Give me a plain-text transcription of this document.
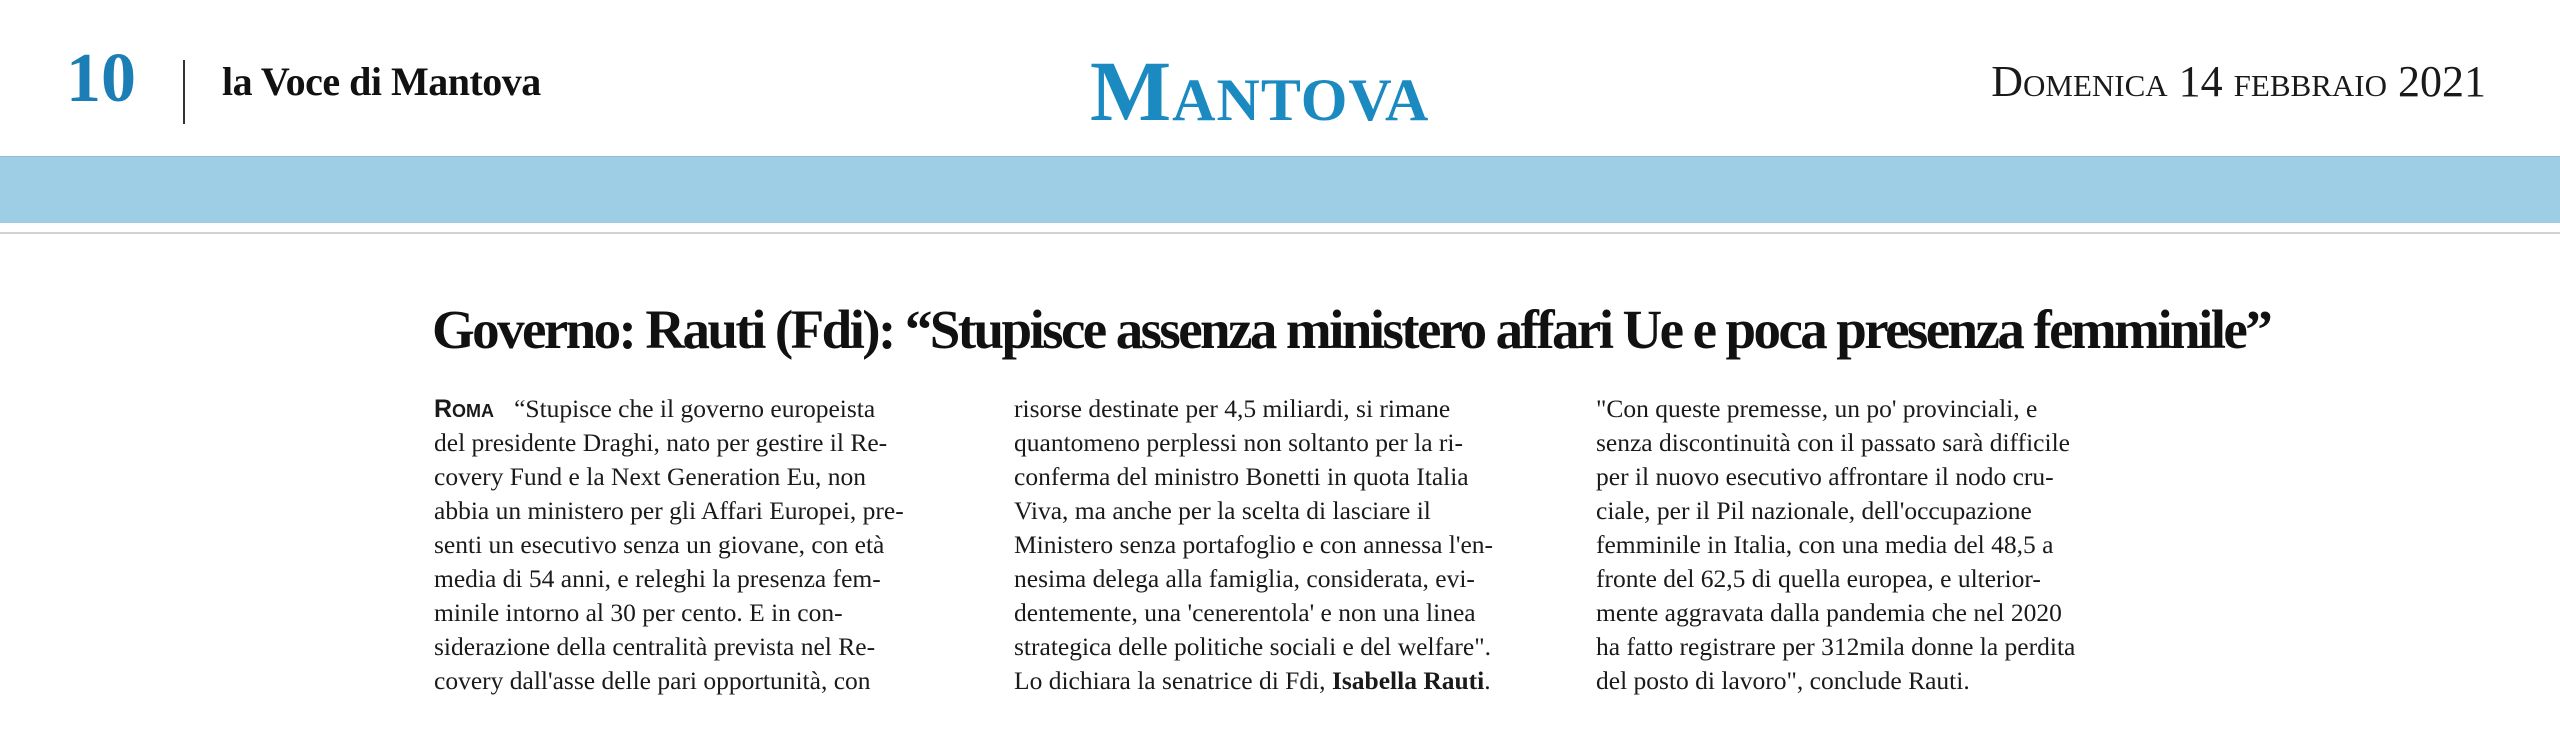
10 la Voce di Mantova	Mantova	Domenica 14 febbraio 2021
Governo: Rauti (Fdi): “Stupisce assenza ministero affari Ue e poca presenza femminile”
Roma “Stupisce che il governo europeista
del presidente Draghi, nato per gestire il Re-
covery Fund e la Next Generation Eu, non
abbia un ministero per gli Affari Europei, pre-
senti un esecutivo senza un giovane, con età
media di 54 anni, e releghi la presenza fem-
minile intorno al 30 per cento. E in con-
siderazione della centralità prevista nel Re-
covery dall'asse delle pari opportunità, con
risorse destinate per 4,5 miliardi, si rimane
quantomeno perplessi non soltanto per la ri-
conferma del ministro Bonetti in quota Italia
Viva, ma anche per la scelta di lasciare il
Ministero senza portafoglio e con annessa l'en-
nesima delega alla famiglia, considerata, evi-
dentemente, una 'cenerentola' e non una linea
strategica delle politiche sociali e del welfare".
Lo dichiara la senatrice di Fdi, Isabella Rauti.
"Con queste premesse, un po' provinciali, e
senza discontinuità con il passato sarà difficile
per il nuovo esecutivo affrontare il nodo cru-
ciale, per il Pil nazionale, dell'occupazione
femminile in Italia, con una media del 48,5 a
fronte del 62,5 di quella europea, e ulterior-
mente aggravata dalla pandemia che nel 2020
ha fatto registrare per 312mila donne la perdita
del posto di lavoro", conclude Rauti.
